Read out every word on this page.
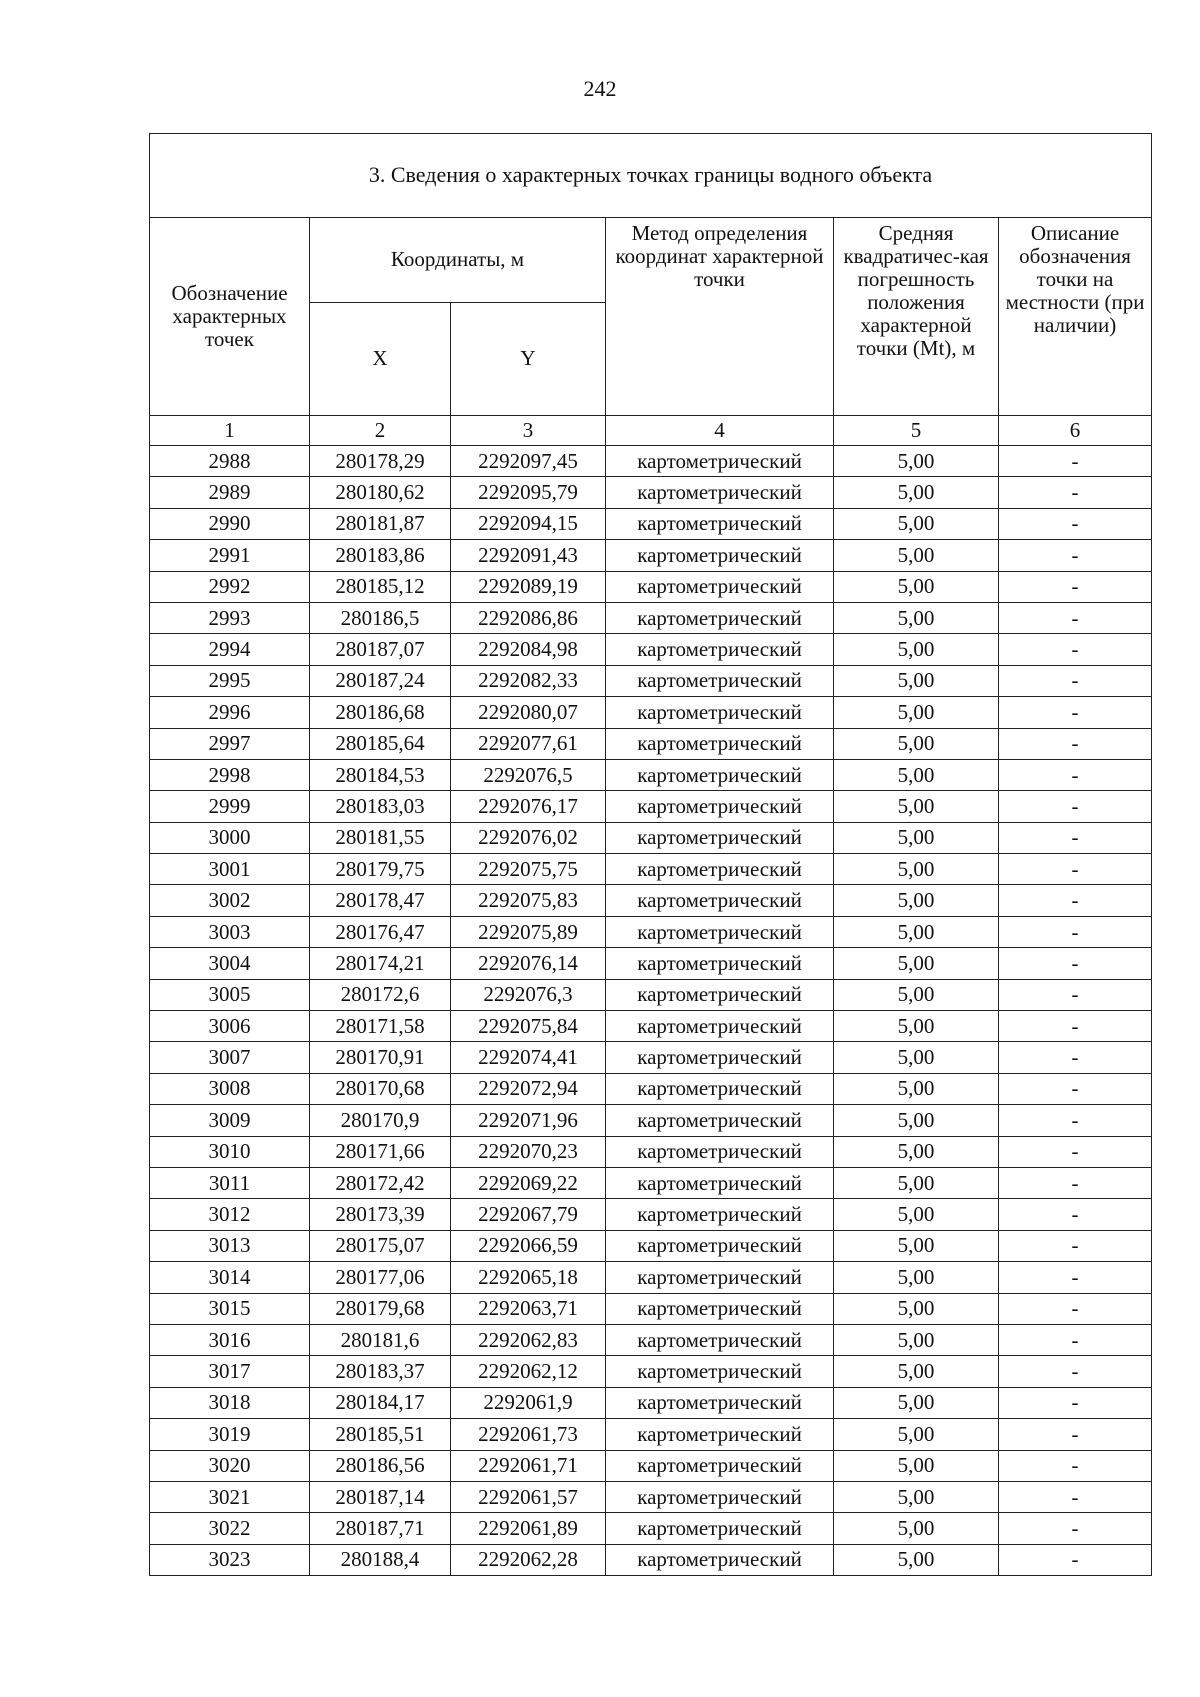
242
3. Сведения о характерных точках границы водного объекта					
Обозначение характерных точек	Координаты, м		Метод определения координат характерной точки	Средняя квадратичес-кая погрешность положения характерной точки (Mt), м	Описание обозначения точки на местности (при наличии)
	X	Y			
1	2	3	4	5	6
2988	280178,29	2292097,45	картометрический	5,00	-
2989	280180,62	2292095,79	картометрический	5,00	-
2990	280181,87	2292094,15	картометрический	5,00	-
2991	280183,86	2292091,43	картометрический	5,00	-
2992	280185,12	2292089,19	картометрический	5,00	-
2993	280186,5	2292086,86	картометрический	5,00	-
2994	280187,07	2292084,98	картометрический	5,00	-
2995	280187,24	2292082,33	картометрический	5,00	-
2996	280186,68	2292080,07	картометрический	5,00	-
2997	280185,64	2292077,61	картометрический	5,00	-
2998	280184,53	2292076,5	картометрический	5,00	-
2999	280183,03	2292076,17	картометрический	5,00	-
3000	280181,55	2292076,02	картометрический	5,00	-
3001	280179,75	2292075,75	картометрический	5,00	-
3002	280178,47	2292075,83	картометрический	5,00	-
3003	280176,47	2292075,89	картометрический	5,00	-
3004	280174,21	2292076,14	картометрический	5,00	-
3005	280172,6	2292076,3	картометрический	5,00	-
3006	280171,58	2292075,84	картометрический	5,00	-
3007	280170,91	2292074,41	картометрический	5,00	-
3008	280170,68	2292072,94	картометрический	5,00	-
3009	280170,9	2292071,96	картометрический	5,00	-
3010	280171,66	2292070,23	картометрический	5,00	-
3011	280172,42	2292069,22	картометрический	5,00	-
3012	280173,39	2292067,79	картометрический	5,00	-
3013	280175,07	2292066,59	картометрический	5,00	-
3014	280177,06	2292065,18	картометрический	5,00	-
3015	280179,68	2292063,71	картометрический	5,00	-
3016	280181,6	2292062,83	картометрический	5,00	-
3017	280183,37	2292062,12	картометрический	5,00	-
3018	280184,17	2292061,9	картометрический	5,00	-
3019	280185,51	2292061,73	картометрический	5,00	-
3020	280186,56	2292061,71	картометрический	5,00	-
3021	280187,14	2292061,57	картометрический	5,00	-
3022	280187,71	2292061,89	картометрический	5,00	-
3023	280188,4	2292062,28	картометрический	5,00	-
